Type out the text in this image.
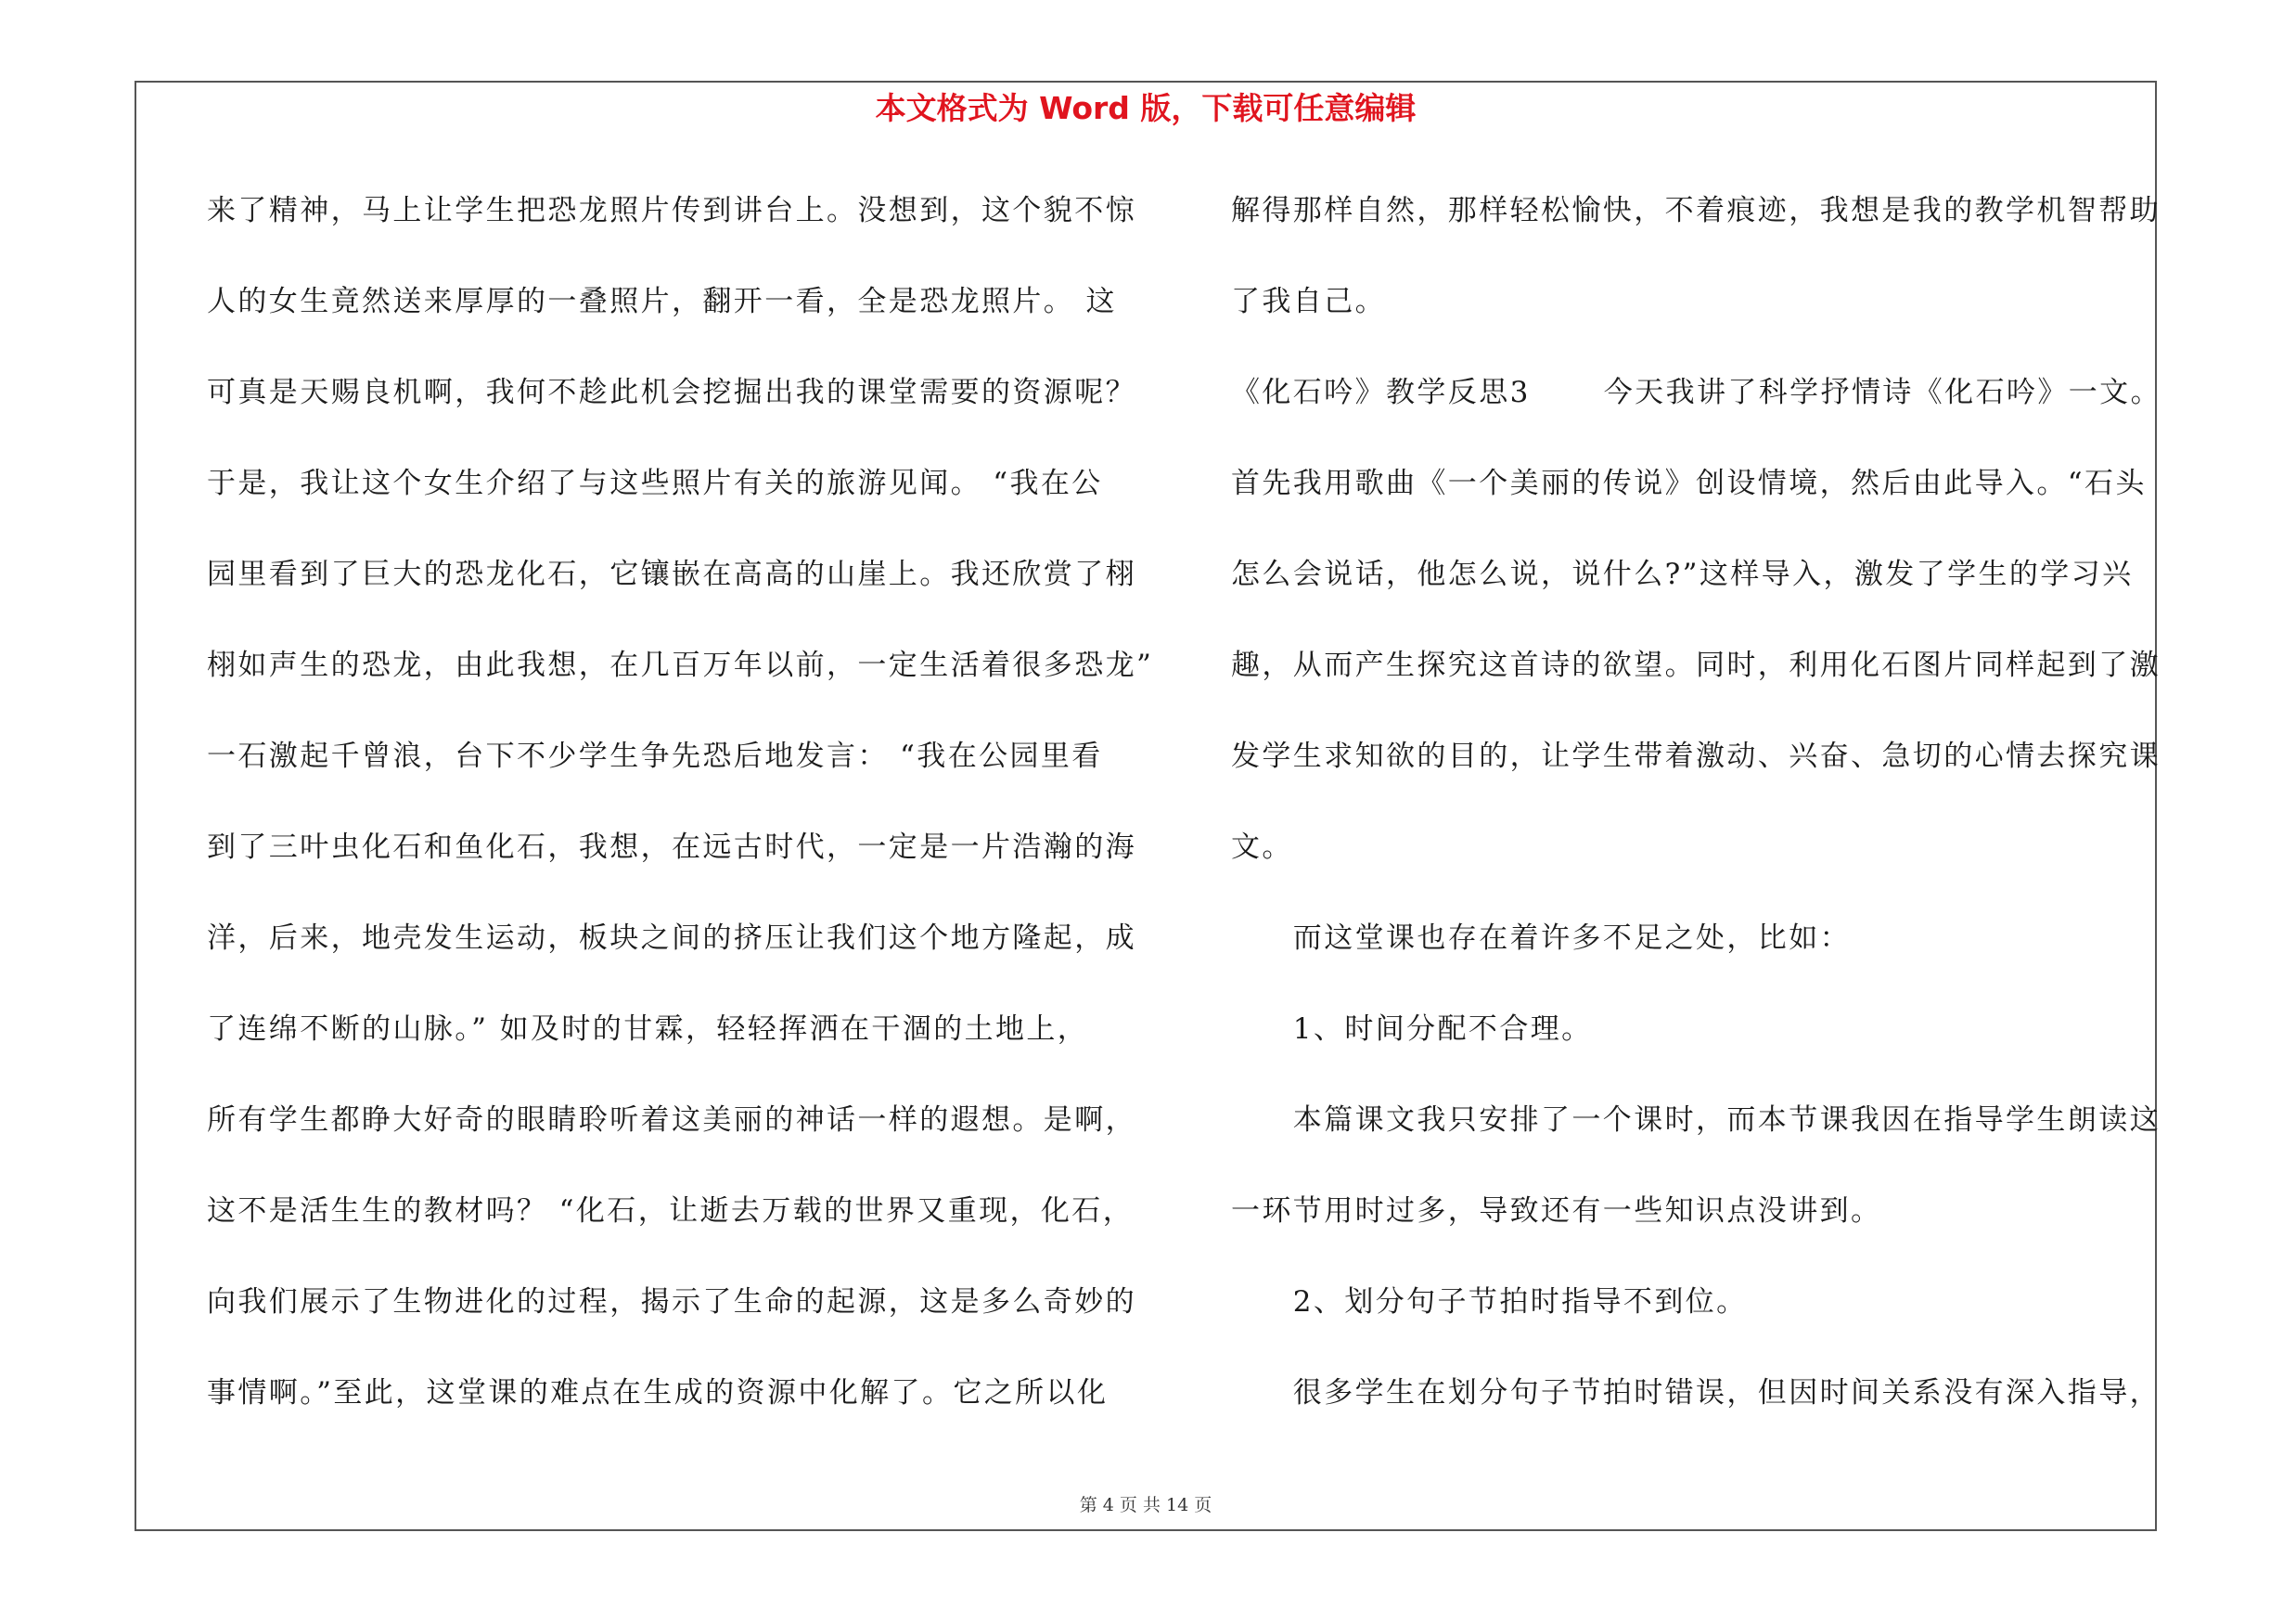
本文格式为 Word 版，下载可任意编辑
来了精神，马上让学生把恐龙照片传到讲台上。没想到，这个貌不惊
人的女生竟然送来厚厚的一叠照片，翻开一看，全是恐龙照片。 这
可真是天赐良机啊，我何不趁此机会挖掘出我的课堂需要的资源呢？
于是，我让这个女生介绍了与这些照片有关的旅游见闻。 “我在公
园里看到了巨大的恐龙化石，它镶嵌在高高的山崖上。我还欣赏了栩
栩如声生的恐龙，由此我想，在几百万年以前，一定生活着很多恐龙”
一石激起千曾浪，台下不少学生争先恐后地发言： “我在公园里看
到了三叶虫化石和鱼化石，我想，在远古时代，一定是一片浩瀚的海
洋，后来，地壳发生运动，板块之间的挤压让我们这个地方隆起，成
了连绵不断的山脉。” 如及时的甘霖，轻轻挥洒在干涸的土地上，
所有学生都睁大好奇的眼睛聆听着这美丽的神话一样的遐想。是啊，
这不是活生生的教材吗？ “化石，让逝去万载的世界又重现，化石，
向我们展示了生物进化的过程，揭示了生命的起源，这是多么奇妙的
事情啊。”至此，这堂课的难点在生成的资源中化解了。它之所以化
解得那样自然，那样轻松愉快，不着痕迹，我想是我的教学机智帮助
了我自己。
《化石吟》教学反思3 　　今天我讲了科学抒情诗《化石吟》一文。
首先我用歌曲《一个美丽的传说》创设情境，然后由此导入。“石头
怎么会说话，他怎么说，说什么?”这样导入，激发了学生的学习兴
趣，从而产生探究这首诗的欲望。同时，利用化石图片同样起到了激
发学生求知欲的目的，让学生带着激动、兴奋、急切的心情去探究课
文。
　　而这堂课也存在着许多不足之处，比如：
　　1、时间分配不合理。
　　本篇课文我只安排了一个课时，而本节课我因在指导学生朗读这
一环节用时过多，导致还有一些知识点没讲到。
　　2、划分句子节拍时指导不到位。
　　很多学生在划分句子节拍时错误，但因时间关系没有深入指导，
第 4 页 共 14 页
